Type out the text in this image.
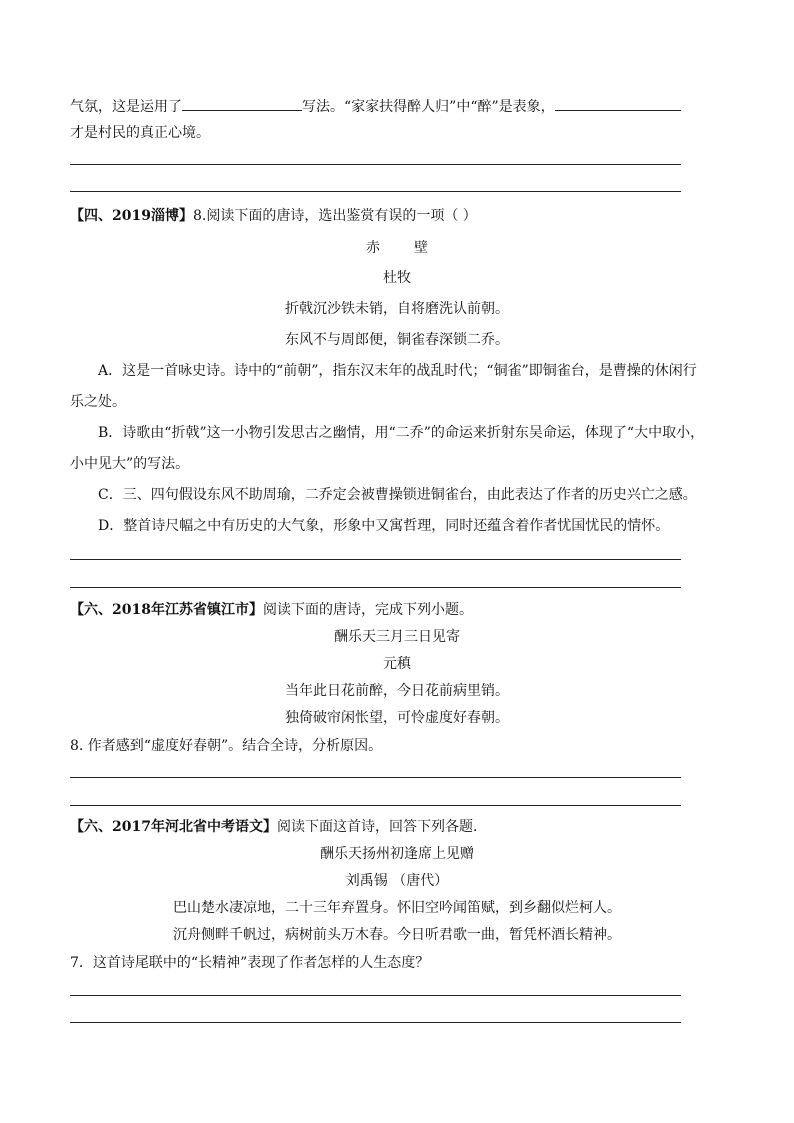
气氛，这是运用了	写法。“家家扶得醉人归”中“醉”是表象，
才是村民的真正心境。
【四、2019淄博】8.阅读下面的唐诗，选出鉴赏有误的一项（ ）
赤 壁
杜牧
折戟沉沙铁未销，自将磨洗认前朝。
东风不与周郎便，铜雀春深锁二乔。
A．这是一首咏史诗。诗中的“前朝”，指东汉末年的战乱时代；“铜雀”即铜雀台，是曹操的休闲行
乐之处。
B．诗歌由“折戟”这一小物引发思古之幽情，用“二乔”的命运来折射东吴命运，体现了“大中取小，
小中见大”的写法。
C．三、四句假设东风不助周瑜，二乔定会被曹操锁进铜雀台，由此表达了作者的历史兴亡之感。
D．整首诗尺幅之中有历史的大气象，形象中又寓哲理，同时还蕴含着作者忧国忧民的情怀。
【六、2018年江苏省镇江市】阅读下面的唐诗，完成下列小题。
酬乐天三月三日见寄
元稹
当年此日花前醉，今日花前病里销。
独倚破帘闲怅望，可怜虚度好春朝。
8. 作者感到“虚度好春朝”。结合全诗，分析原因。
【六、2017年河北省中考语文】阅读下面这首诗，回答下列各题．
酬乐天扬州初逢席上见赠
刘禹锡 （唐代）
巴山楚水凄凉地，二十三年弃置身。怀旧空吟闻笛赋，到乡翻似烂柯人。
沉舟侧畔千帆过，病树前头万木春。今日听君歌一曲，暂凭杯酒长精神。
7．这首诗尾联中的“长精神”表现了作者怎样的人生态度？
